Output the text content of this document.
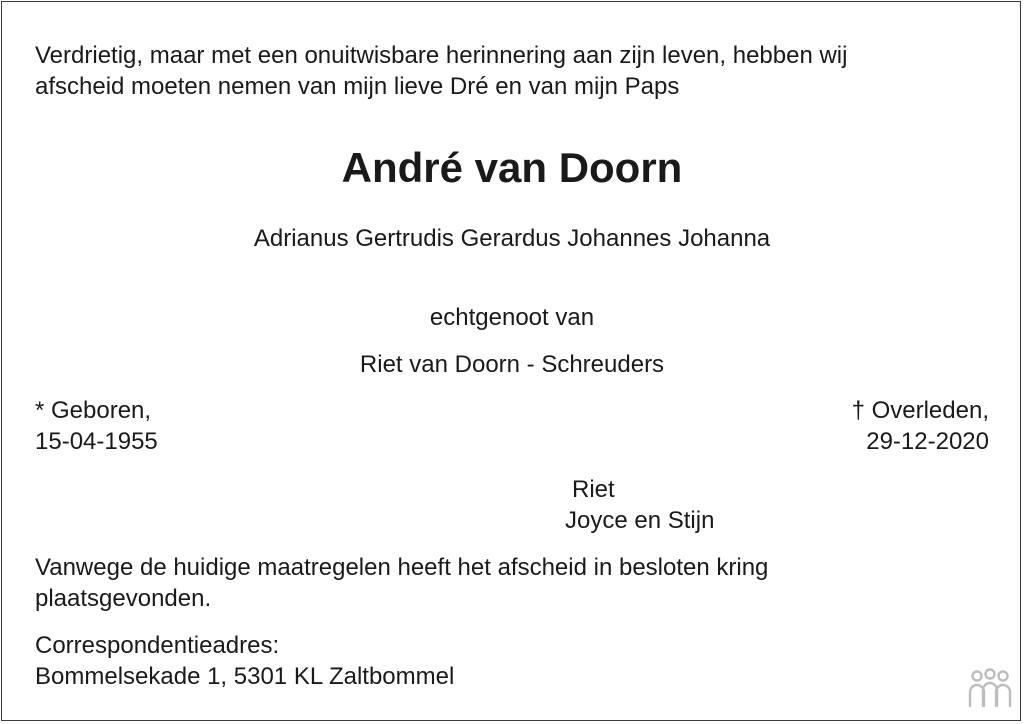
Verdrietig, maar met een onuitwisbare herinnering aan zijn leven, hebben wij
afscheid moeten nemen van mijn lieve Dré en van mijn Paps
André van Doorn
Adrianus Gertrudis Gerardus Johannes Johanna
echtgenoot van
Riet van Doorn - Schreuders
* Geboren,
15-04-1955
† Overleden,
29-12-2020
Riet
Joyce en Stijn
Vanwege de huidige maatregelen heeft het afscheid in besloten kring
plaatsgevonden.
Correspondentieadres:
Bommelsekade 1, 5301 KL Zaltbommel
